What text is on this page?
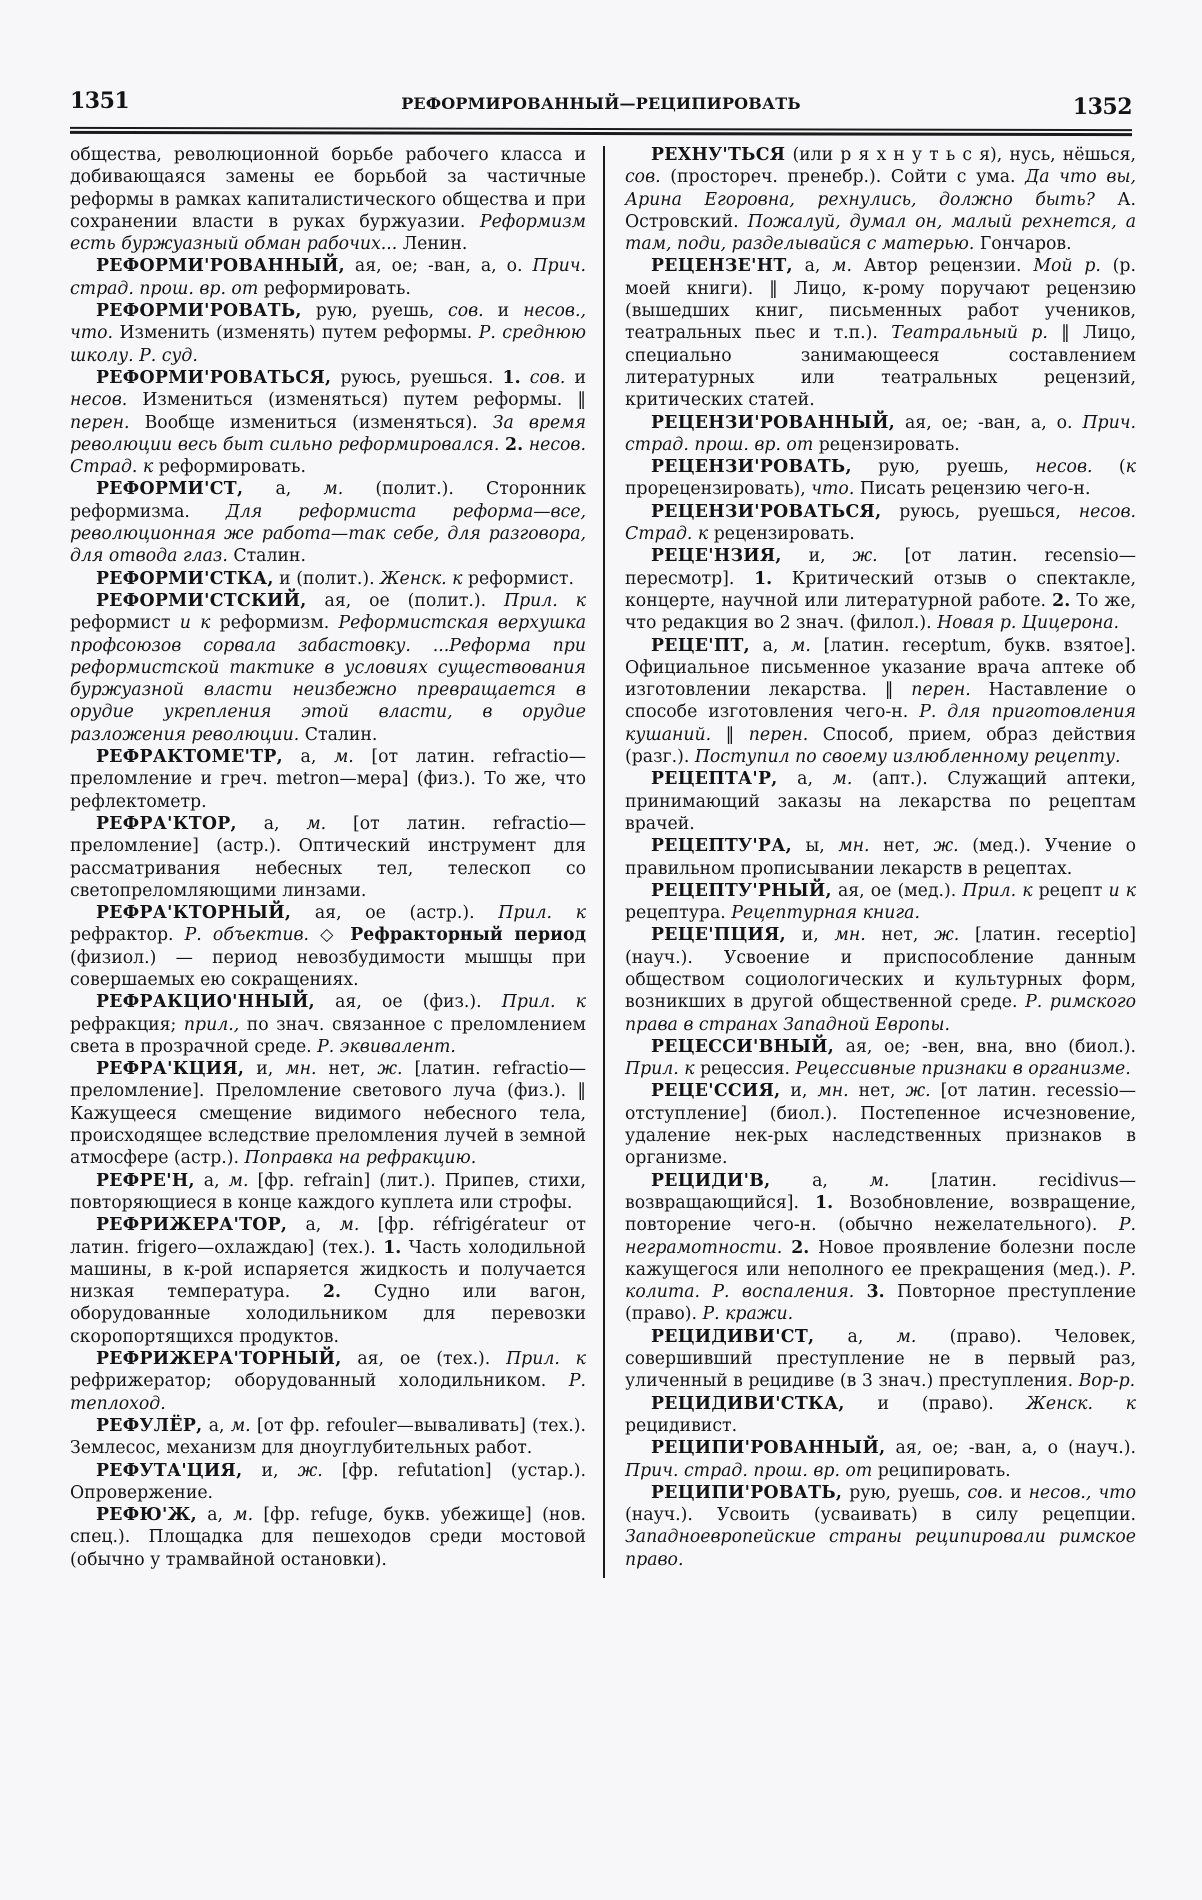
1351	РЕФОРМИРОВАННЫЙ—РЕЦИПИРОВАТЬ	1352

общества, революционной борьбе рабочего класса и добивающаяся замены ее борьбой за частичные реформы в рамках капиталистического общества и при сохранении власти в руках буржуазии. Реформизм есть буржуазный обман рабочих... Ленин.

РЕФОРМИ'РОВАННЫЙ, ая, ое; -ван, а, о. Прич. страд. прош. вр. от реформировать.

РЕФОРМИ'РОВАТЬ, рую, руешь, сов. и несов., что. Изменить (изменять) путем реформы. Р. среднюю школу. Р. суд.

РЕФОРМИ'РОВАТЬСЯ, руюсь, руешься. 1. сов. и несов. Измениться (изменяться) путем реформы. ‖ перен. Вообще измениться (изменяться). За время революции весь быт сильно реформировался. 2. несов. Страд. к реформировать.

РЕФОРМИ'СТ, а, м. (полит.). Сторонник реформизма. Для реформиста реформа—все, революционная же работа—так себе, для разговора, для отвода глаз. Сталин.

РЕФОРМИ'СТКА, и (полит.). Женск. к реформист.

РЕФОРМИ'СТСКИЙ, ая, ое (полит.). Прил. к реформист и к реформизм. Реформистская верхушка профсоюзов сорвала забастовку. ...Реформа при реформистской тактике в условиях существования буржуазной власти неизбежно превращается в орудие укрепления этой власти, в орудие разложения революции. Сталин.

РЕФРАКТОМЕ'ТР, а, м. [от латин. refractio—преломление и греч. metron—мера] (физ.). То же, что рефлектометр.

РЕФРА'КТОР, а, м. [от латин. refractio—преломление] (астр.). Оптический инструмент для рассматривания небесных тел, телескоп со светопреломляющими линзами.

РЕФРА'КТОРНЫЙ, ая, ое (астр.). Прил. к рефрактор. Р. объектив. ◇ Рефракторный период (физиол.) — период невозбудимости мышцы при совершаемых ею сокращениях.

РЕФРАКЦИО'ННЫЙ, ая, ое (физ.). Прил. к рефракция; прил., по знач. связанное с преломлением света в прозрачной среде. Р. эквивалент.

РЕФРА'КЦИЯ, и, мн. нет, ж. [латин. refractio—преломление]. Преломление светового луча (физ.). ‖ Кажущееся смещение видимого небесного тела, происходящее вследствие преломления лучей в земной атмосфере (астр.). Поправка на рефракцию.

РЕФРЕ'Н, а, м. [фр. refrain] (лит.). Припев, стихи, повторяющиеся в конце каждого куплета или строфы.

РЕФРИЖЕРА'ТОР, а, м. [фр. réfrigérateur от латин. frigero—охлаждаю] (тех.). 1. Часть холодильной машины, в к-рой испаряется жидкость и получается низкая температура. 2. Судно или вагон, оборудованные холодильником для перевозки скоропортящихся продуктов.

РЕФРИЖЕРА'ТОРНЫЙ, ая, ое (тех.). Прил. к рефрижератор; оборудованный холодильником. Р. теплоход.

РЕФУЛЁР, а, м. [от фр. refouler—вываливать] (тех.). Землесос, механизм для дноуглубительных работ.

РЕФУТА'ЦИЯ, и, ж. [фр. refutation] (устар.). Опровержение.

РЕФЮ'Ж, а, м. [фр. refuge, букв. убежище] (нов. спец.). Площадка для пешеходов среди мостовой (обычно у трамвайной остановки).

РЕХНУ'ТЬСЯ (или р я х н у т ь с я), нусь, нёшься, сов. (простореч. пренебр.). Сойти с ума. Да что вы, Арина Егоровна, рехнулись, должно быть? А. Островский. Пожалуй, думал он, малый рехнется, а там, поди, разделывайся с матерью. Гончаров.

РЕЦЕНЗЕ'НТ, а, м. Автор рецензии. Мой р. (р. моей книги). ‖ Лицо, к-рому поручают рецензию (вышедших книг, письменных работ учеников, театральных пьес и т.п.). Театральный р. ‖ Лицо, специально занимающееся составлением литературных или театральных рецензий, критических статей.

РЕЦЕНЗИ'РОВАННЫЙ, ая, ое; -ван, а, о. Прич. страд. прош. вр. от рецензировать.

РЕЦЕНЗИ'РОВАТЬ, рую, руешь, несов. (к прорецензировать), что. Писать рецензию чего-н.

РЕЦЕНЗИ'РОВАТЬСЯ, руюсь, руешься, несов. Страд. к рецензировать.

РЕЦЕ'НЗИЯ, и, ж. [от латин. recensio—пересмотр]. 1. Критический отзыв о спектакле, концерте, научной или литературной работе. 2. То же, что редакция во 2 знач. (филол.). Новая р. Цицерона.

РЕЦЕ'ПТ, а, м. [латин. receptum, букв. взятое]. Официальное письменное указание врача аптеке об изготовлении лекарства. ‖ перен. Наставление о способе изготовления чего-н. Р. для приготовления кушаний. ‖ перен. Способ, прием, образ действия (разг.). Поступил по своему излюбленному рецепту.

РЕЦЕПТА'Р, а, м. (апт.). Служащий аптеки, принимающий заказы на лекарства по рецептам врачей.

РЕЦЕПТУ'РА, ы, мн. нет, ж. (мед.). Учение о правильном прописывании лекарств в рецептах.

РЕЦЕПТУ'РНЫЙ, ая, ое (мед.). Прил. к рецепт и к рецептура. Рецептурная книга.

РЕЦЕ'ПЦИЯ, и, мн. нет, ж. [латин. receptio] (науч.). Усвоение и приспособление данным обществом социологических и культурных форм, возникших в другой общественной среде. Р. римского права в странах Западной Европы.

РЕЦЕССИ'ВНЫЙ, ая, ое; -вен, вна, вно (биол.). Прил. к рецессия. Рецессивные признаки в организме.

РЕЦЕ'ССИЯ, и, мн. нет, ж. [от латин. recessio—отступление] (биол.). Постепенное исчезновение, удаление нек-рых наследственных признаков в организме.

РЕЦИДИ'В, а, м. [латин. recidivus—возвращающийся]. 1. Возобновление, возвращение, повторение чего-н. (обычно нежелательного). Р. неграмотности. 2. Новое проявление болезни после кажущегося или неполного ее прекращения (мед.). Р. колита. Р. воспаления. 3. Повторное преступление (право). Р. кражи.

РЕЦИДИВИ'СТ, а, м. (право). Человек, совершивший преступление не в первый раз, уличенный в рецидиве (в 3 знач.) преступления. Вор-р.

РЕЦИДИВИ'СТКА, и (право). Женск. к рецидивист.

РЕЦИПИ'РОВАННЫЙ, ая, ое; -ван, а, о (науч.). Прич. страд. прош. вр. от реципировать.

РЕЦИПИ'РОВАТЬ, рую, руешь, сов. и несов., что (науч.). Усвоить (усваивать) в силу рецепции. Западноевропейские страны реципировали римское право.
